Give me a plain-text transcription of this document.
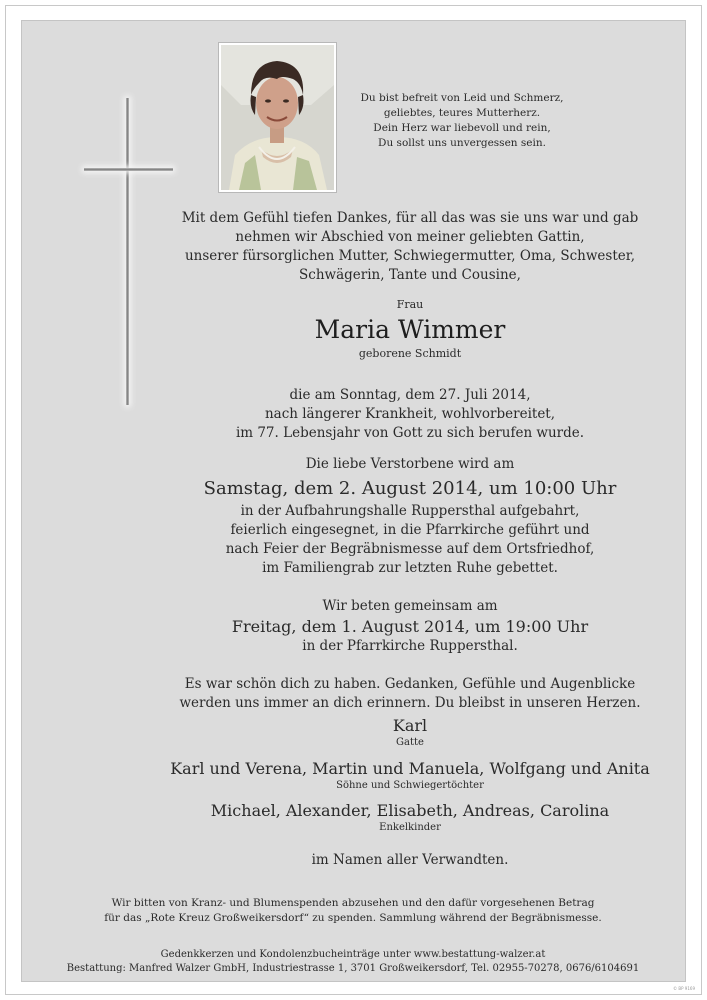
Du bist befreit von Leid und Schmerz,
geliebtes, teures Mutterherz.
Dein Herz war liebevoll und rein,
Du sollst uns unvergessen sein.
Mit dem Gefühl tiefen Dankes, für all das was sie uns war und gab
nehmen wir Abschied von meiner geliebten Gattin,
unserer fürsorglichen Mutter, Schwiegermutter, Oma, Schwester,
Schwägerin, Tante und Cousine,
Frau
Maria Wimmer
geborene Schmidt
die am Sonntag, dem 27. Juli 2014,
nach längerer Krankheit, wohlvorbereitet,
im 77. Lebensjahr von Gott zu sich berufen wurde.
Die liebe Verstorbene wird am
Samstag, dem 2. August 2014, um 10:00 Uhr
in der Aufbahrungshalle Ruppersthal aufgebahrt,
feierlich eingesegnet, in die Pfarrkirche geführt und
nach Feier der Begräbnismesse auf dem Ortsfriedhof,
im Familiengrab zur letzten Ruhe gebettet.
Wir beten gemeinsam am
Freitag, dem 1. August 2014, um 19:00 Uhr
in der Pfarrkirche Ruppersthal.
Es war schön dich zu haben. Gedanken, Gefühle und Augenblicke
werden uns immer an dich erinnern. Du bleibst in unseren Herzen.
Karl
Gatte
Karl und Verena, Martin und Manuela, Wolfgang und Anita
Söhne und Schwiegertöchter
Michael, Alexander, Elisabeth, Andreas, Carolina
Enkelkinder
im Namen aller Verwandten.
Wir bitten von Kranz- und Blumenspenden abzusehen und den dafür vorgesehenen Betrag
für das „Rote Kreuz Großweikersdorf“ zu spenden. Sammlung während der Begräbnismesse.
Gedenkkerzen und Kondolenzbucheinträge unter www.bestattung-walzer.at
Bestattung: Manfred Walzer GmbH, Industriestrasse 1, 3701 Großweikersdorf, Tel. 02955-70278, 0676/6104691
© BP 9169
